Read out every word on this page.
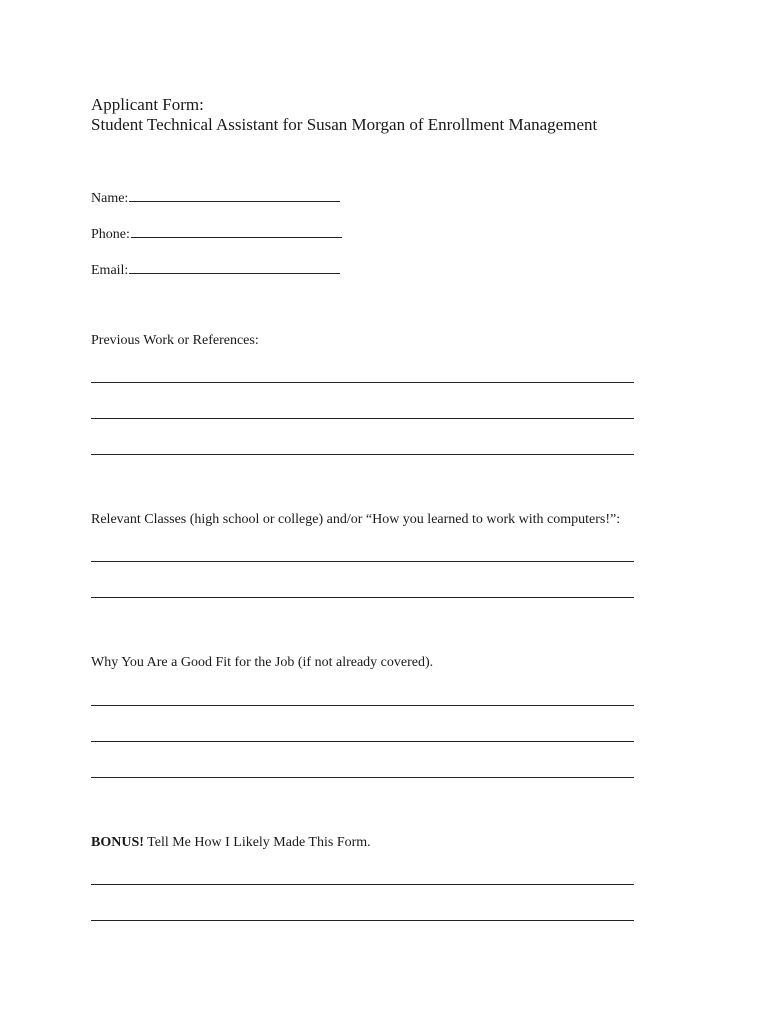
Applicant Form:
Student Technical Assistant for Susan Morgan of Enrollment Management
Name:
Phone:
Email:
Previous Work or References:
Relevant Classes (high school or college) and/or “How you learned to work with computers!”:
Why You Are a Good Fit for the Job (if not already covered).
BONUS! Tell Me How I Likely Made This Form.
